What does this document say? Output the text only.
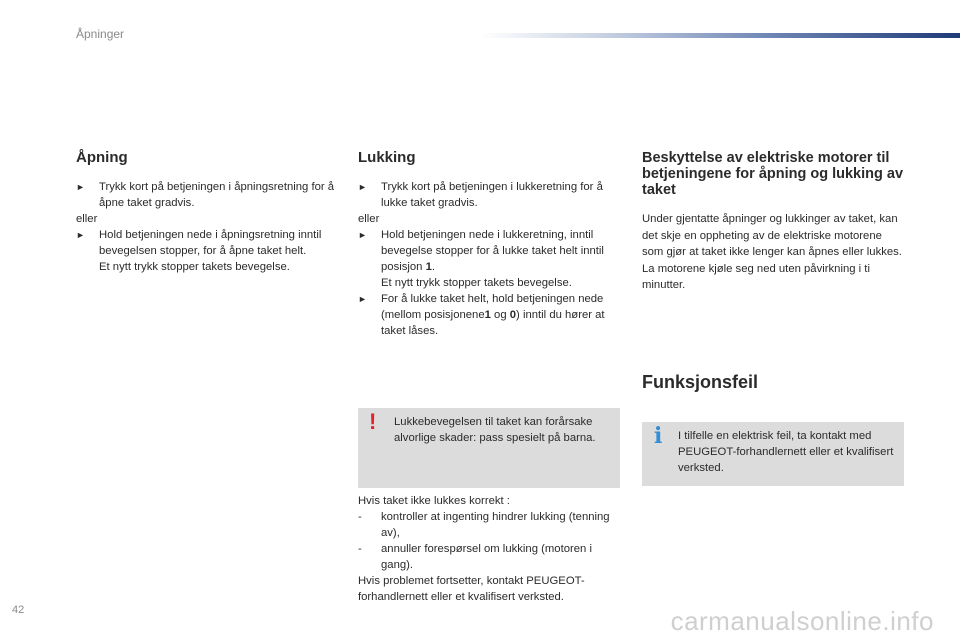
Åpninger
Åpning
► Trykk kort på betjeningen i åpningsretning for å åpne taket gradvis.

eller

► Hold betjeningen nede i åpningsretning inntil bevegelsen stopper, for å åpne taket helt.
Et nytt trykk stopper takets bevegelse.
Lukking
► Trykk kort på betjeningen i lukkeretning for å lukke taket gradvis.

eller

► Hold betjeningen nede i lukkeretning, inntil bevegelse stopper for å lukke taket helt inntil posisjon 1.
Et nytt trykk stopper takets bevegelse.
► For å lukke taket helt, hold betjeningen nede (mellom posisjonene1 og 0) inntil du hører at taket låses.
! Lukkebevegelsen til taket kan forårsake alvorlige skader: pass spesielt på barna.
Hvis taket ikke lukkes korrekt :
- kontroller at ingenting hindrer lukking (tenning av),
- annuller forespørsel om lukking (motoren i gang).
Hvis problemet fortsetter, kontakt PEUGEOT-forhandlernett eller et kvalifisert verksted.
Beskyttelse av elektriske motorer til betjeningene for åpning og lukking av taket

Under gjentatte åpninger og lukkinger av taket, kan det skje en oppheting av de elektriske motorene som gjør at taket ikke lenger kan åpnes eller lukkes. La motorene kjøle seg ned uten påvirkning i ti minutter.

Funksjonsfeil
i I tilfelle en elektrisk feil, ta kontakt med PEUGEOT-forhandlernett eller et kvalifisert verksted.
42	carmanualsonline.info
